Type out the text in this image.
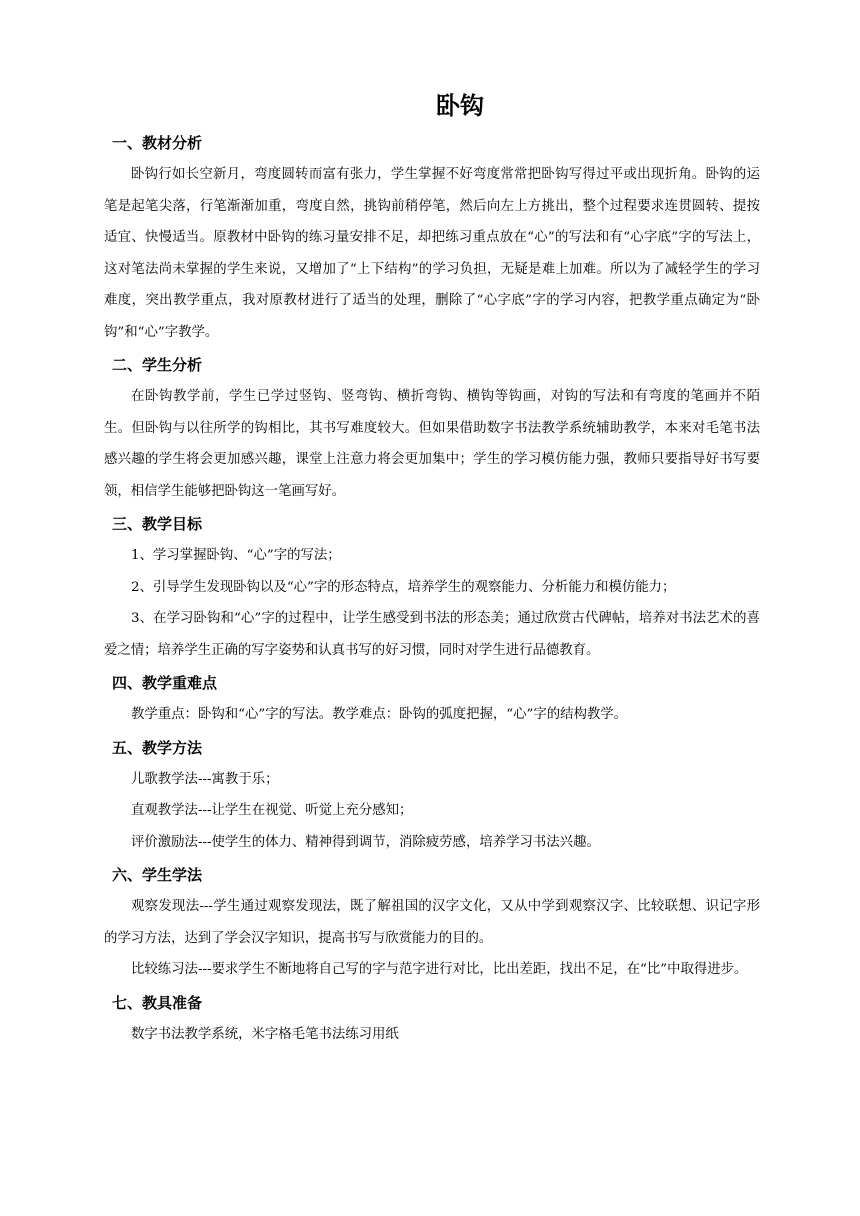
卧钩

一、教材分析

卧钩行如长空新月，弯度圆转而富有张力，学生掌握不好弯度常常把卧钩写得过平或出现折角。卧钩的运笔是起笔尖落，行笔渐渐加重，弯度自然，挑钩前稍停笔，然后向左上方挑出，整个过程要求连贯圆转、提按适宜、快慢适当。原教材中卧钩的练习量安排不足，却把练习重点放在“心”的写法和有“心字底”字的写法上，这对笔法尚未掌握的学生来说，又增加了“上下结构”的学习负担，无疑是难上加难。所以为了减轻学生的学习难度，突出教学重点，我对原教材进行了适当的处理，删除了“心字底”字的学习内容，把教学重点确定为“卧钩”和“心”字教学。

二、学生分析

在卧钩教学前，学生已学过竖钩、竖弯钩、横折弯钩、横钩等钩画，对钩的写法和有弯度的笔画并不陌生。但卧钩与以往所学的钩相比，其书写难度较大。但如果借助数字书法教学系统辅助教学，本来对毛笔书法感兴趣的学生将会更加感兴趣，课堂上注意力将会更加集中；学生的学习模仿能力强，教师只要指导好书写要领，相信学生能够把卧钩这一笔画写好。

三、教学目标

1、学习掌握卧钩、“心”字的写法；

2、引导学生发现卧钩以及“心”字的形态特点，培养学生的观察能力、分析能力和模仿能力；

3、在学习卧钩和“心”字的过程中，让学生感受到书法的形态美；通过欣赏古代碑帖，培养对书法艺术的喜爱之情；培养学生正确的写字姿势和认真书写的好习惯，同时对学生进行品德教育。

四、教学重难点

教学重点：卧钩和“心”字的写法。教学难点：卧钩的弧度把握，“心”字的结构教学。

五、教学方法

儿歌教学法---寓教于乐；

直观教学法---让学生在视觉、听觉上充分感知；

评价激励法---使学生的体力、精神得到调节，消除疲劳感，培养学习书法兴趣。

六、学生学法

观察发现法---学生通过观察发现法，既了解祖国的汉字文化，又从中学到观察汉字、比较联想、识记字形的学习方法，达到了学会汉字知识，提高书写与欣赏能力的目的。

比较练习法---要求学生不断地将自己写的字与范字进行对比，比出差距，找出不足，在“比”中取得进步。

七、教具准备

数字书法教学系统，米字格毛笔书法练习用纸
